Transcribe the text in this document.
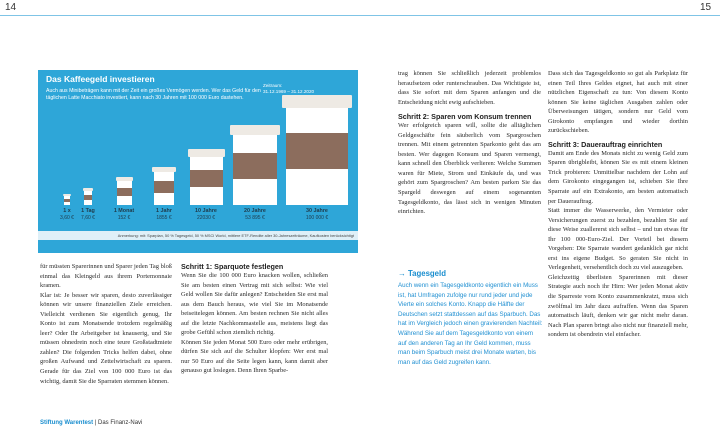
14	15
Das Kaffeegeld investieren
Auch aus Minibeträgen kann mit der Zeit ein großes Vermögen werden. Wer das Geld für den täglichen Latte Macchiato investiert, kann nach 30 Jahren mit 100 000 Euro dastehen.
Zeitraum:
31.12.1969 – 31.12.2020
1 x
3,60 €
1 Tag
7,60 €
1 Monat
152 €
1 Jahr
1855 €
10 Jahre
22030 €
20 Jahre
53 895 €
30 Jahre
100 000 €
Anmerkung: mit: Sparplan, 50 % Tagesgeld, 50 % MSCI World, mittlere ETF-Rendite aller 30-Jahreszeiträume, Kaufkosten berücksichtigt
für müssten Sparerinnen und Sparer jeden Tag bloß einmal das Kleingeld aus ihrem Portemonnaie kramen.
Klar ist: Je besser wir sparen, desto zuverlässiger können wir unsere finanziellen Ziele erreichen. Vielleicht verdienen Sie eigentlich genug, Ihr Konto ist zum Monatsende trotzdem regelmäßig leer? Oder Ihr Arbeitgeber ist knauserig, und Sie müssen ohnedrein noch eine teure Großstadtmiete zahlen? Die folgenden Tricks helfen dabei, ohne großen Aufwand und Zettelwirtschaft zu sparen. Gerade für das Ziel von 100 000 Euro ist das wichtig, damit Sie die Sparraten stemmen können.
Schritt 1: Sparquote festlegen
Wenn Sie die 100 000 Euro knacken wollen, schließen Sie am besten einen Vertrag mit sich selbst: Wie viel Geld wollen Sie dafür anlegen? Entscheiden Sie erst mal aus dem Bauch heraus, wie viel Sie im Monatsende beiseitelegen können. Am besten rechnen Sie nicht alles auf die letzte Nachkommastelle aus, meistens liegt das grobe Gefühl schon ziemlich richtig.
Können Sie jeden Monat 500 Euro oder mehr erübrigen, dürfen Sie sich auf die Schulter klopfen: Wer erst mal nur 50 Euro auf die Seite legen kann, kann damit aber genauso gut loslegen. Denn Ihren Sparbe-
trag können Sie schließlich jederzeit problemlos heraufsetzen oder runterschrauben. Das Wichtigste ist, dass Sie sofort mit dem Sparen anfangen und die Entscheidung nicht ewig aufschieben.
Schritt 2: Sparen vom Konsum trennen
Wer erfolgreich sparen will, sollte die alltäglichen Geldgeschäfte fein säuberlich vom Spargroschen trennen. Mit einem getrennten Sparkonto geht das am besten. Wer dagegen Konsum und Sparen vermengt, kann schnell den Überblick verlieren: Welche Summen waren für Miete, Strom und Einkäufe da, und was gehört zum Spargroschen? Am besten parken Sie das Spargeld deswegen auf einem sogenannten Tagesgeldkonto, das lässt sich in wenigen Minuten einrichten.
→ Tagesgeld
Auch wenn ein Tagesgeldkonto eigentlich ein Muss ist, hat Umfragen zufolge nur rund jeder und jede Vierte ein solches Konto. Knapp die Hälfte der Deutschen setzt stattdessen auf das Sparbuch. Das hat im Vergleich jedoch einen gravierenden Nachteil: Während Sie auf dem Tagesgeldkonto von einem auf den anderen Tag an Ihr Geld kommen, muss man beim Sparbuch meist drei Monate warten, bis man auf das Geld zugreifen kann.
Dass sich das Tagesgeldkonto so gut als Parkplatz für einen Teil Ihres Geldes eignet, hat auch mit einer nützlichen Eigenschaft zu tun: Von diesem Konto können Sie keine täglichen Ausgaben zahlen oder Überweisungen tätigen, sondern nur Geld vom Girokonto empfangen und wieder dorthin zurückschieben.
Schritt 3: Dauerauftrag einrichten
Damit am Ende des Monats nicht zu wenig Geld zum Sparen übrigbleibt, können Sie es mit einem kleinen Trick probieren: Unmittelbar nachdem der Lohn auf dem Girokonto eingegangen ist, schieben Sie Ihre Sparrate auf ein Extrakonto, am besten automatisch per Dauerauftrag.
Statt immer die Wasserwerke, den Vermieter oder Versicherungen zuerst zu bezahlen, bezahlen Sie auf diese Weise zuallererst sich selbst – und tun etwas für Ihr 100 000-Euro-Ziel. Der Vorteil bei diesem Vorgehen: Die Sparrate wandert gedanklich gar nicht erst ins eigene Budget. So geraten Sie nicht in Verlegenheit, versehentlich doch zu viel auszugeben.
Gleichzeitig überlisten Sparerinnen mit dieser Strategie auch noch ihr Hirn: Wer jeden Monat aktiv die Sparreste vom Konto zusammenkratzt, muss sich zwölfmal im Jahr dazu aufraffen. Wenn das Sparen automatisch läuft, denken wir gar nicht mehr daran. Nach Plan sparen bringt also nicht nur finanziell mehr, sondern ist obendrein viel einfacher.
Stiftung Warentest | Das Finanz-Navi
